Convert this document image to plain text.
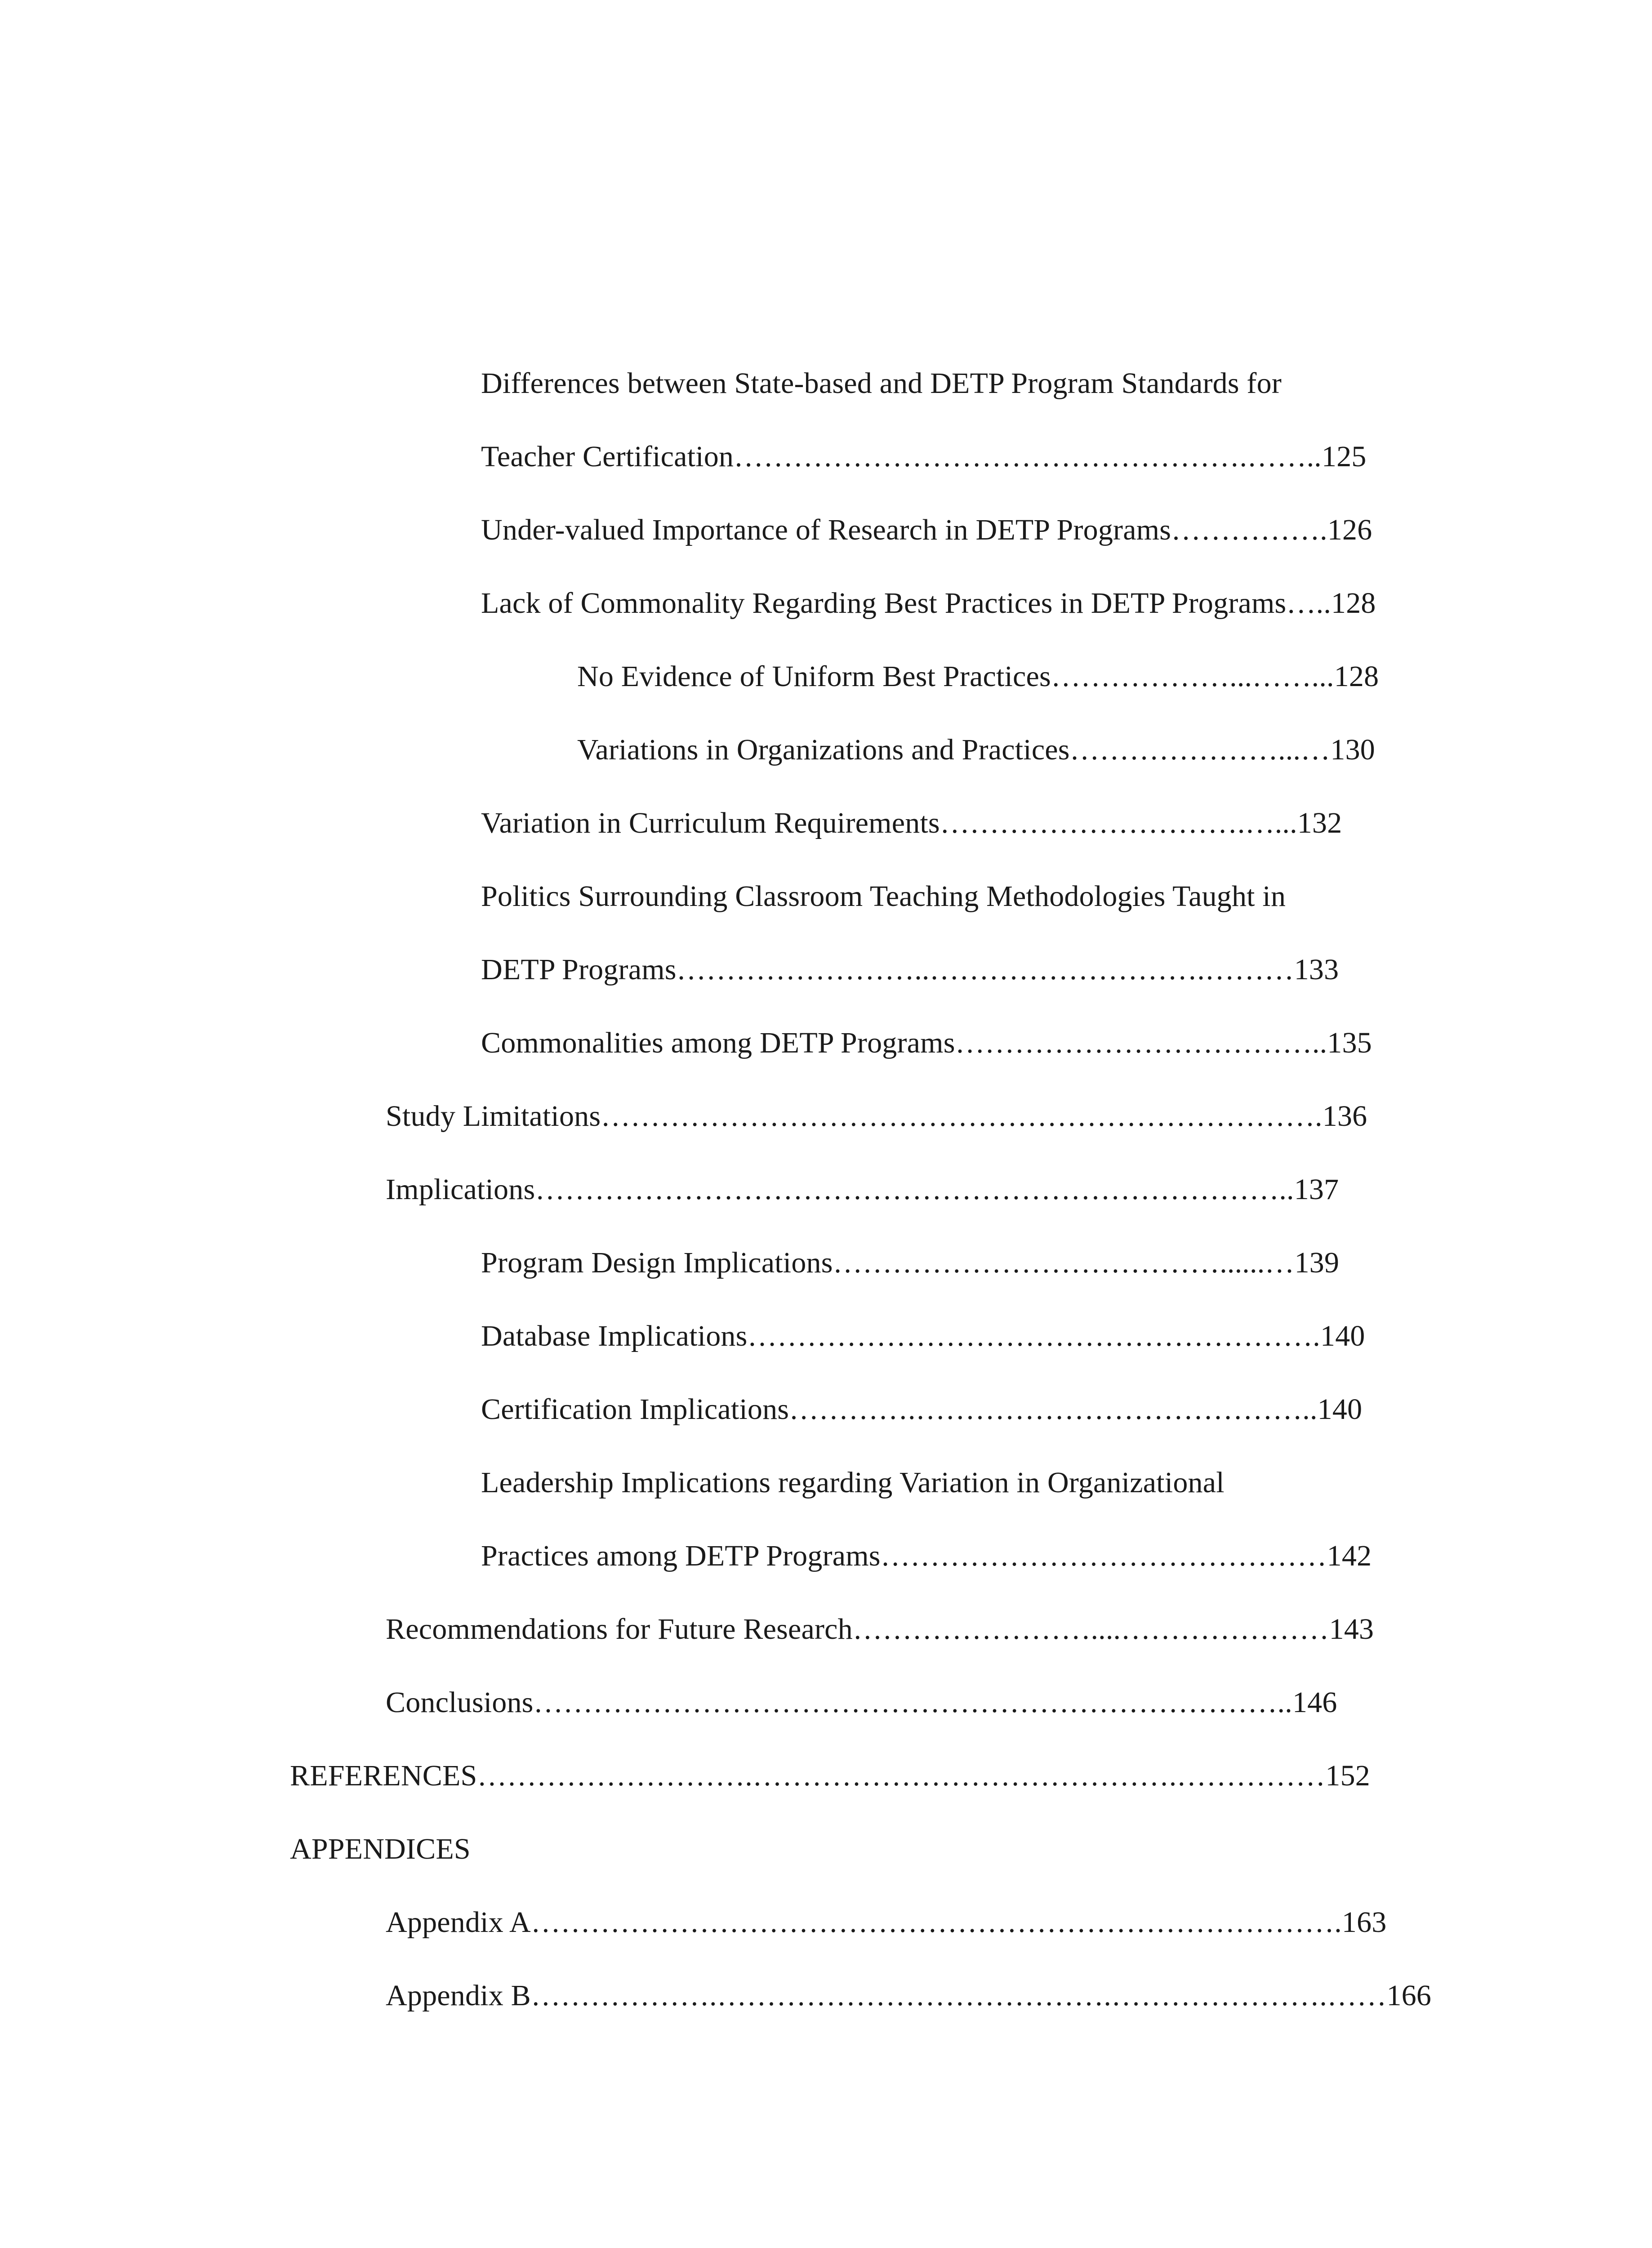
Differences between State-based and DETP Program Standards for
Teacher Certification…………………………………………….……..125
Under-valued Importance of Research in DETP Programs…………….126
Lack of Commonality Regarding Best Practices in DETP Programs…..128
No Evidence of Uniform Best Practices………………...……...128
Variations in Organizations and Practices…………………...…130
Variation in Curriculum Requirements………………………….…...132
Politics Surrounding Classroom Teaching Methodologies Taught in
DETP Programs……………………..……………………….………133
Commonalities among DETP Programs………………………………..135
Study Limitations……………………………………………………………….136
Implications…………………………………………………………………..137
Program Design Implications…………………………………......…139
Database Implications………………………………………………….140
Certification Implications………….…………………………………..140
Leadership Implications regarding Variation in Organizational
Practices among DETP Programs………………………………………142
Recommendations for Future Research……………………....…………………143
Conclusions…………………………………………………………………..146
REFERENCES……………………….…………………………………….……………152
APPENDICES
Appendix A……………………………………………………………………….163
Appendix B……………….………………………………….………………….……166
